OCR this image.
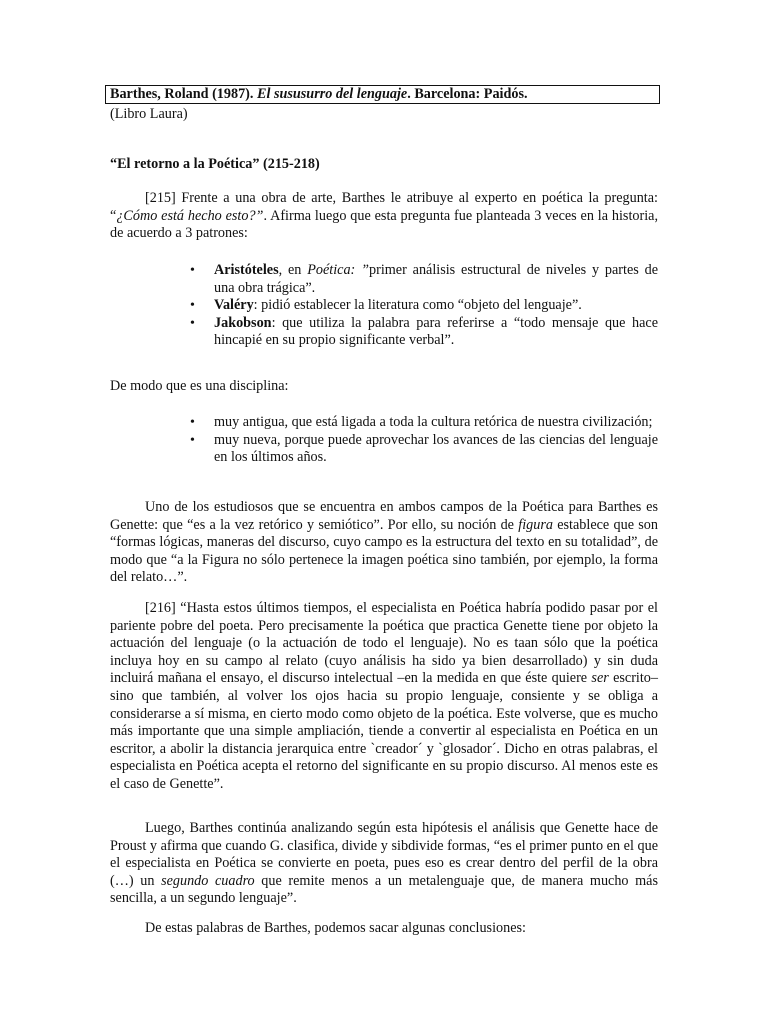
Barthes, Roland (1987). El sususurro del lenguaje. Barcelona: Paidós.
(Libro Laura)
“El retorno a la Poética” (215-218)

[215] Frente a una obra de arte, Barthes le atribuye al experto en poética la pregunta: “¿Cómo está hecho esto?”. Afirma luego que esta pregunta fue planteada 3 veces en la historia, de acuerdo a 3 patrones:

• Aristóteles, en Poética: ”primer análisis estructural de niveles y partes de una obra trágica”.
• Valéry: pidió establecer la literatura como “objeto del lenguaje”.
• Jakobson: que utiliza la palabra para referirse a “todo mensaje que hace hincapié en su propio significante verbal”.

De modo que es una disciplina:

• muy antigua, que está ligada a toda la cultura retórica de nuestra civilización;
• muy nueva, porque puede aprovechar los avances de las ciencias del lenguaje en los últimos años.

Uno de los estudiosos que se encuentra en ambos campos de la Poética para Barthes es Genette: que “es a la vez retórico y semiótico”. Por ello, su noción de figura establece que son “formas lógicas, maneras del discurso, cuyo campo es la estructura del texto en su totalidad”, de modo que “a la Figura no sólo pertenece la imagen poética sino también, por ejemplo, la forma del relato…”.

[216] “Hasta estos últimos tiempos, el especialista en Poética habría podido pasar por el pariente pobre del poeta. Pero precisamente la poética que practica Genette tiene por objeto la actuación del lenguaje (o la actuación de todo el lenguaje). No es taan sólo que la poética incluya hoy en su campo al relato (cuyo análisis ha sido ya bien desarrollado) y sin duda incluirá mañana el ensayo, el discurso intelectual –en la medida en que éste quiere ser escrito– sino que también, al volver los ojos hacia su propio lenguaje, consiente y se obliga a considerarse a sí misma, en cierto modo como objeto de la poética. Este volverse, que es mucho más importante que una simple ampliación, tiende a convertir al especialista en Poética en un escritor, a abolir la distancia jerarquica entre `creador´ y `glosador´. Dicho en otras palabras, el especialista en Poética acepta el retorno del significante en su propio discurso. Al menos este es el caso de Genette”.

Luego, Barthes continúa analizando según esta hipótesis el análisis que Genette hace de Proust y afirma que cuando G. clasifica, divide y sibdivide formas, “es el primer punto en el que el especialista en Poética se convierte en poeta, pues eso es crear dentro del perfil de la obra (…) un segundo cuadro que remite menos a un metalenguaje que, de manera mucho más sencilla, a un segundo lenguaje”.

De estas palabras de Barthes, podemos sacar algunas conclusiones:
